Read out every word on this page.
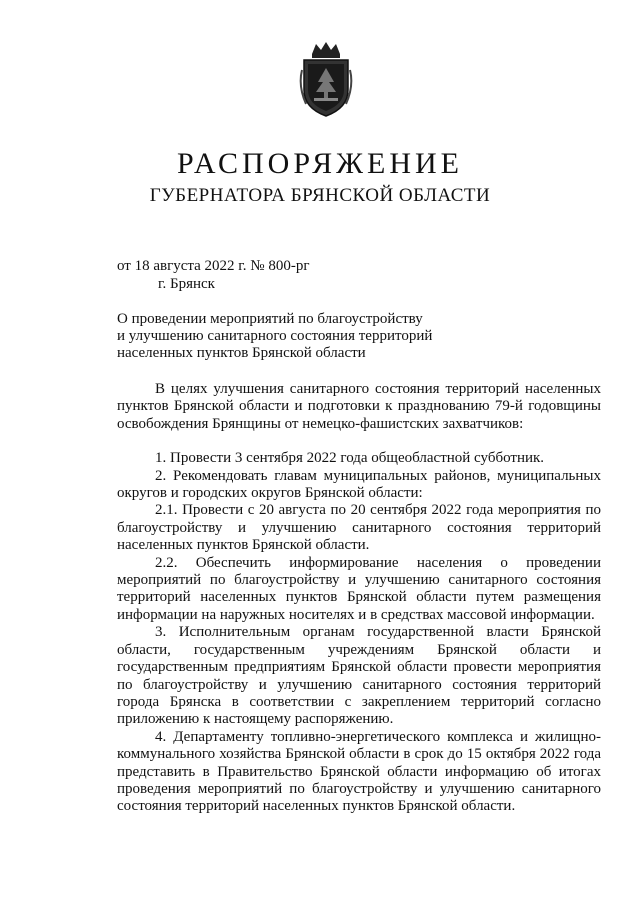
РАСПОРЯЖЕНИЕ
ГУБЕРНАТОРА БРЯНСКОЙ ОБЛАСТИ
от 18 августа 2022 г. № 800-рг
г. Брянск
О проведении мероприятий по благоустройству
и улучшению санитарного состояния территорий
населенных пунктов Брянской области

В целях улучшения санитарного состояния территорий населенных пунктов Брянской области и подготовки к празднованию 79-й годовщины освобождения Брянщины от немецко-фашистских захватчиков:

1. Провести 3 сентября 2022 года общеобластной субботник.

2. Рекомендовать главам муниципальных районов, муниципальных округов и городских округов Брянской области:

2.1. Провести с 20 августа по 20 сентября 2022 года мероприятия по благоустройству и улучшению санитарного состояния территорий населенных пунктов Брянской области.

2.2. Обеспечить информирование населения о проведении мероприятий по благоустройству и улучшению санитарного состояния территорий населенных пунктов Брянской области путем размещения информации на наружных носителях и в средствах массовой информации.

3. Исполнительным органам государственной власти Брянской области, государственным учреждениям Брянской области и государственным предприятиям Брянской области провести мероприятия по благоустройству и улучшению санитарного состояния территорий города Брянска в соответствии с закреплением территорий согласно приложению к настоящему распоряжению.

4. Департаменту топливно-энергетического комплекса и жилищно-коммунального хозяйства Брянской области в срок до 15 октября 2022 года представить в Правительство Брянской области информацию об итогах проведения мероприятий по благоустройству и улучшению санитарного состояния территорий населенных пунктов Брянской области.
